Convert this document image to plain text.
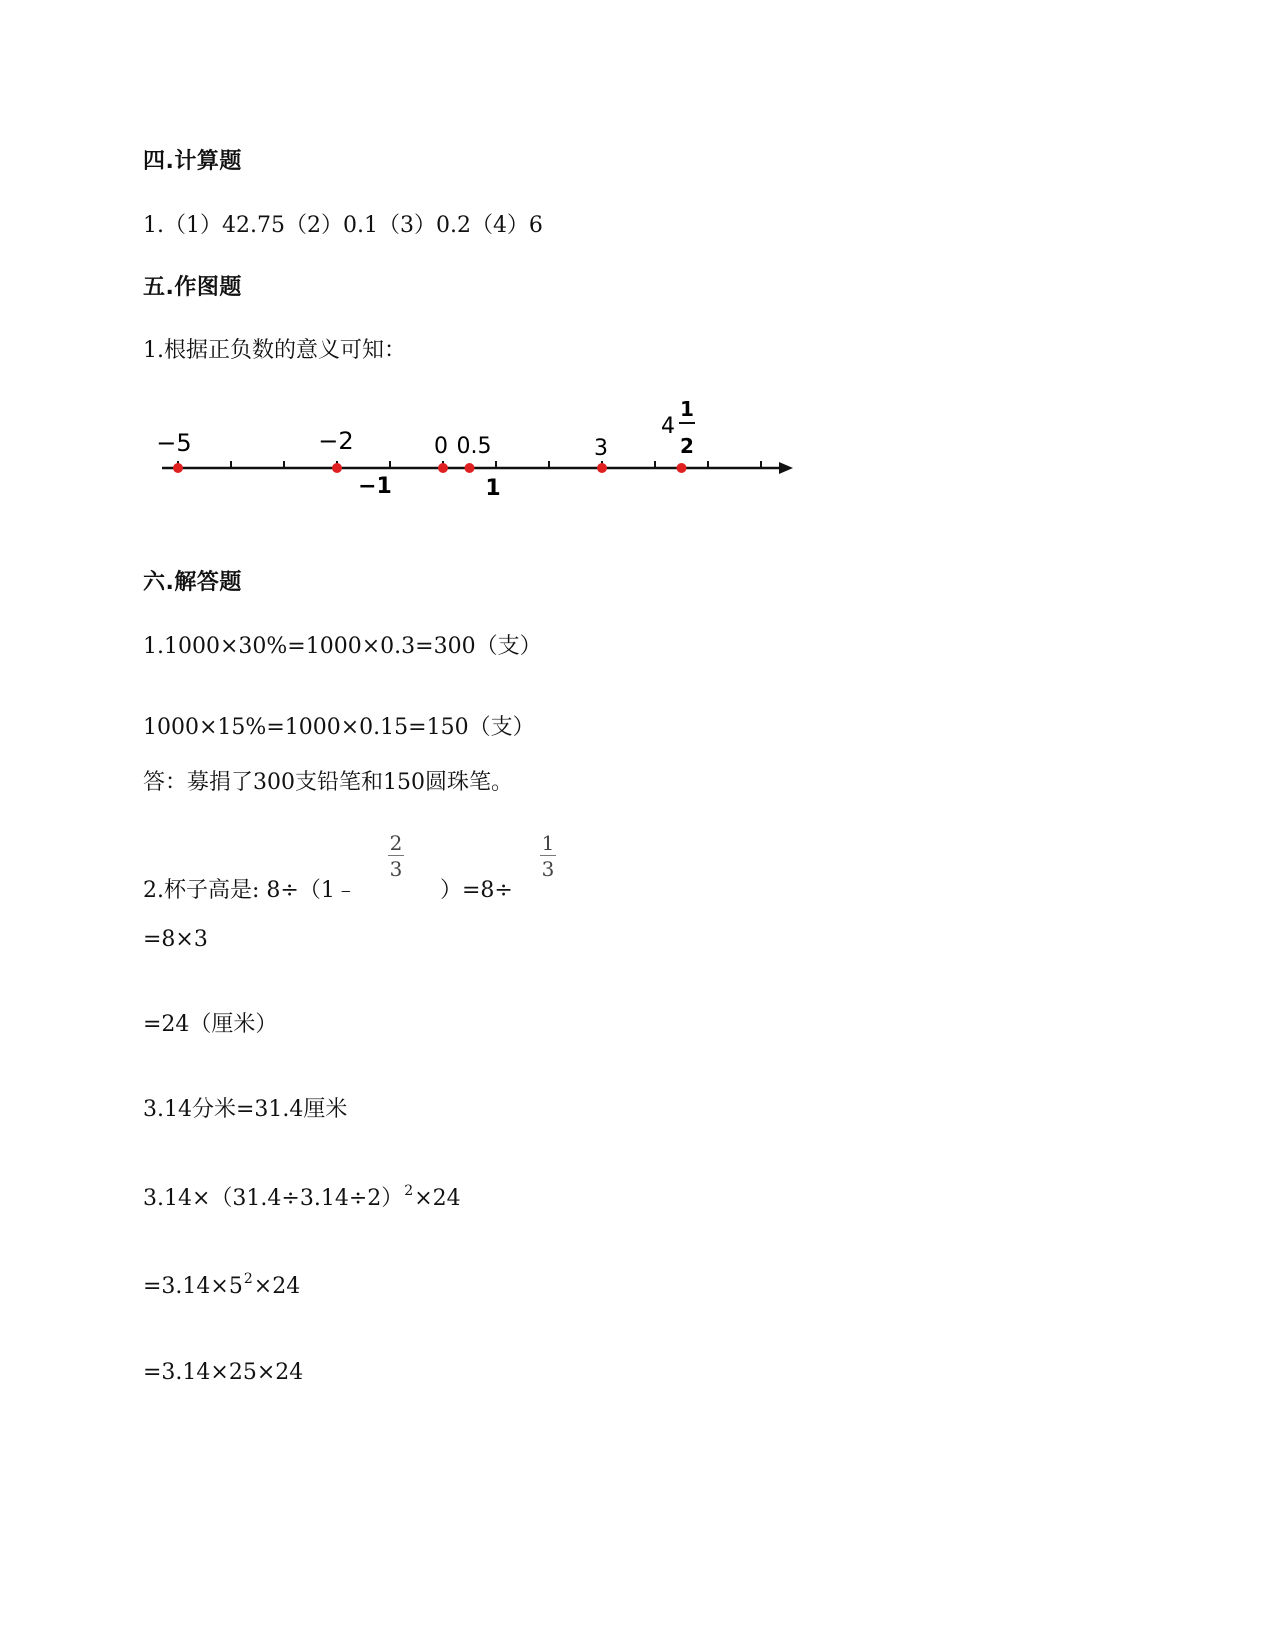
四.计算题
1.（1）42.75（2）0.1（3）0.2（4）6
五.作图题
1.根据正负数的意义可知：
−5	−2	0 0.5	3
4
1
2
−1	1
六.解答题
1.1000×30%=1000×0.3=300（支）
1000×15%=1000×0.15=150（支）
答：募捐了300支铅笔和150圆珠笔。
2.杯子高是: 8÷（1﹣
2
3
）=8÷
1
3
=8×3
=24（厘米）
3.14分米=31.4厘米
$3.14\times(31.4\div 3.14\div 2)^2\times 24$
$=3.14\times 5^2\times 24$
=3.14×25×24
